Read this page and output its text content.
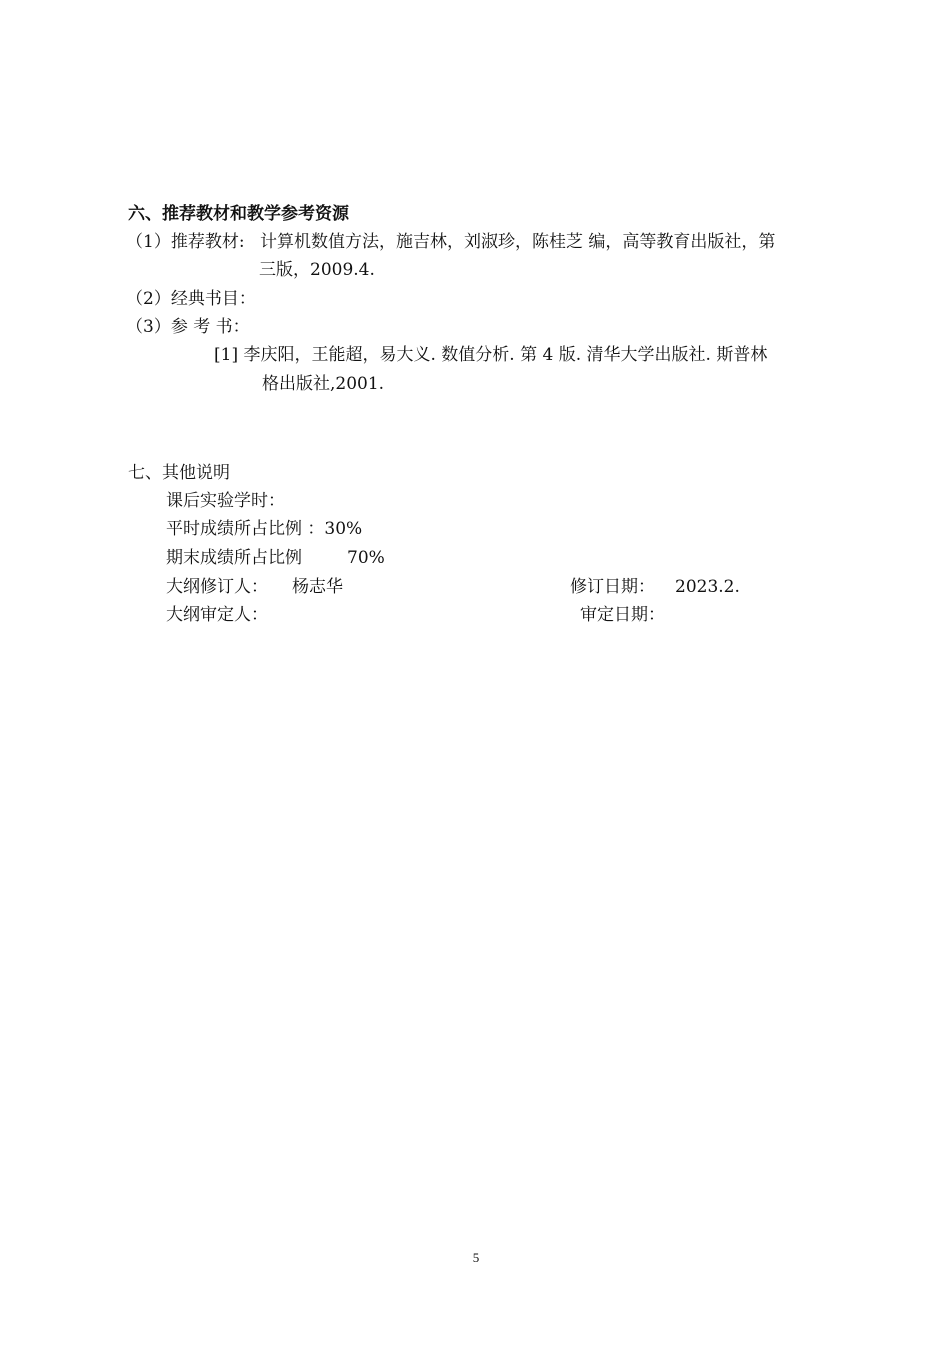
六、推荐教材和教学参考资源
（1）推荐教材: 计算机数值方法，施吉林，刘淑珍，陈桂芝 编，高等教育出版社，第
三版，2009.4.
（2）经典书目：
（3）参 考 书：
[1] 李庆阳，王能超，易大义. 数值分析. 第 4 版. 清华大学出版社. 斯普林
格出版社,2001.
七、其他说明
课后实验学时：
平时成绩所占比例 ：30%
期末成绩所占比例	70%
大纲修订人： 杨志华	修订日期： 2023.2.
大纲审定人：	审定日期：
5
